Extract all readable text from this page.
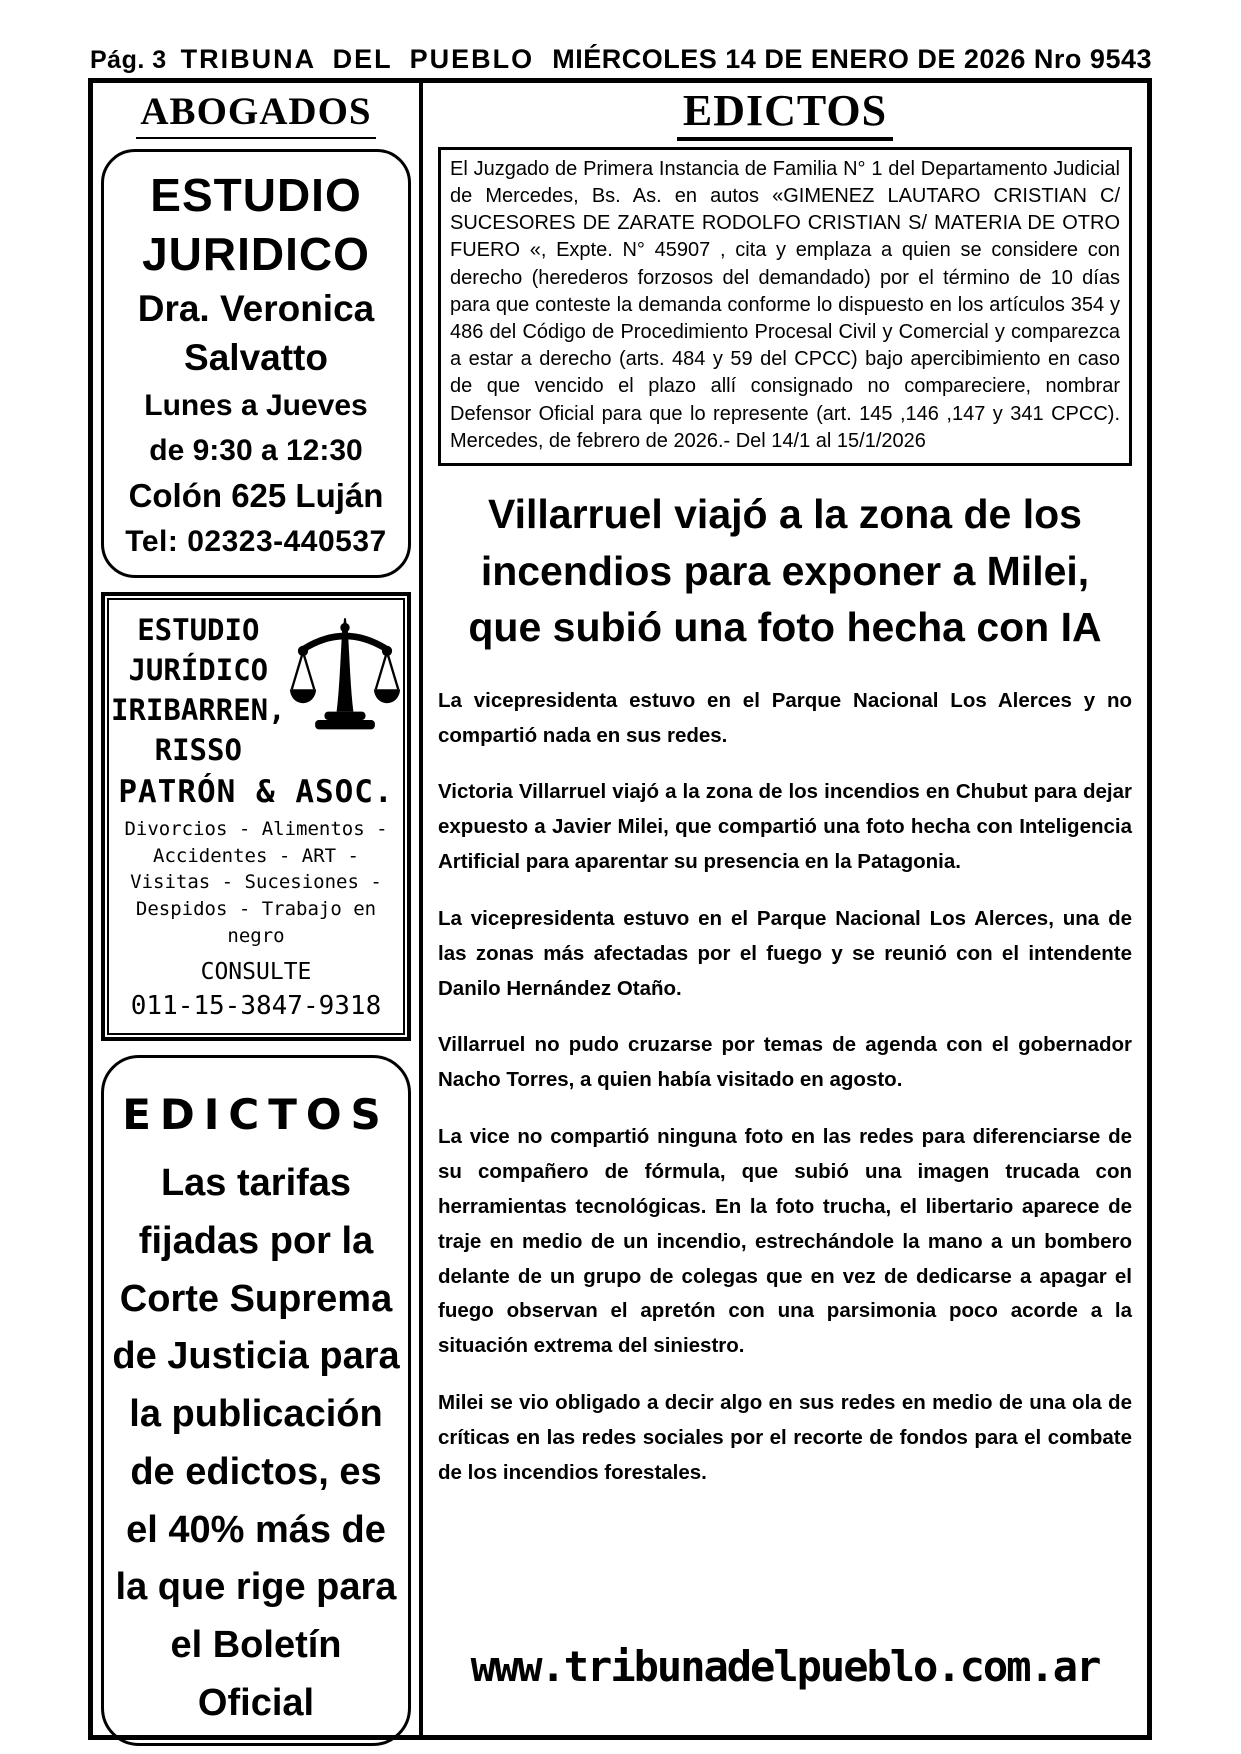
Pág. 3 TRIBUNA DEL PUEBLO MIÉRCOLES 14 DE ENERO DE 2026 Nro 9543
ABOGADOS
ESTUDIO
JURIDICO
Dra. Veronica
Salvatto
Lunes a Jueves
de 9:30 a 12:30
Colón 625 Luján
Tel: 02323-440537
ESTUDIO
JURÍDICO
IRIBARREN,
RISSO
PATRÓN & ASOC.
Divorcios - Alimentos - Accidentes - ART - Visitas - Sucesiones - Despidos - Trabajo en negro
CONSULTE
011-15-3847-9318
EDICTOS
Las tarifas fijadas por la Corte Suprema de Justicia para la publicación de edictos, es el 40% más de la que rige para el Boletín Oficial
EDICTOS
El Juzgado de Primera Instancia de Familia N° 1 del Departamento Judicial de Mercedes, Bs. As. en autos «GIMENEZ LAUTARO CRISTIAN C/ SUCESORES DE ZARATE RODOLFO CRISTIAN S/ MATERIA DE OTRO FUERO «, Expte. N° 45907 , cita y emplaza a quien se considere con derecho (herederos forzosos del demandado) por el término de 10 días para que conteste la demanda conforme lo dispuesto en los artículos 354 y 486 del Código de Procedimiento Procesal Civil y Comercial y comparezca a estar a derecho (arts. 484 y 59 del CPCC) bajo apercibimiento en caso de que vencido el plazo allí consignado no compareciere, nombrar Defensor Oficial para que lo represente (art. 145 ,146 ,147 y 341 CPCC). Mercedes, de febrero de 2026.- Del 14/1 al 15/1/2026
Villarruel viajó a la zona de los incendios para exponer a Milei, que subió una foto hecha con IA

La vicepresidenta estuvo en el Parque Nacional Los Alerces y no compartió nada en sus redes.

Victoria Villarruel viajó a la zona de los incendios en Chubut para dejar expuesto a Javier Milei, que compartió una foto hecha con Inteligencia Artificial para aparentar su presencia en la Patagonia.

La vicepresidenta estuvo en el Parque Nacional Los Alerces, una de las zonas más afectadas por el fuego y se reunió con el intendente Danilo Hernández Otaño.

Villarruel no pudo cruzarse por temas de agenda con el gobernador Nacho Torres, a quien había visitado en agosto.

La vice no compartió ninguna foto en las redes para diferenciarse de su compañero de fórmula, que subió una imagen trucada con herramientas tecnológicas. En la foto trucha, el libertario aparece de traje en medio de un incendio, estrechándole la mano a un bombero delante de un grupo de colegas que en vez de dedicarse a apagar el fuego observan el apretón con una parsimonia poco acorde a la situación extrema del siniestro.

Milei se vio obligado a decir algo en sus redes en medio de una ola de críticas en las redes sociales por el recorte de fondos para el combate de los incendios forestales.

www.tribunadelpueblo.com.ar
